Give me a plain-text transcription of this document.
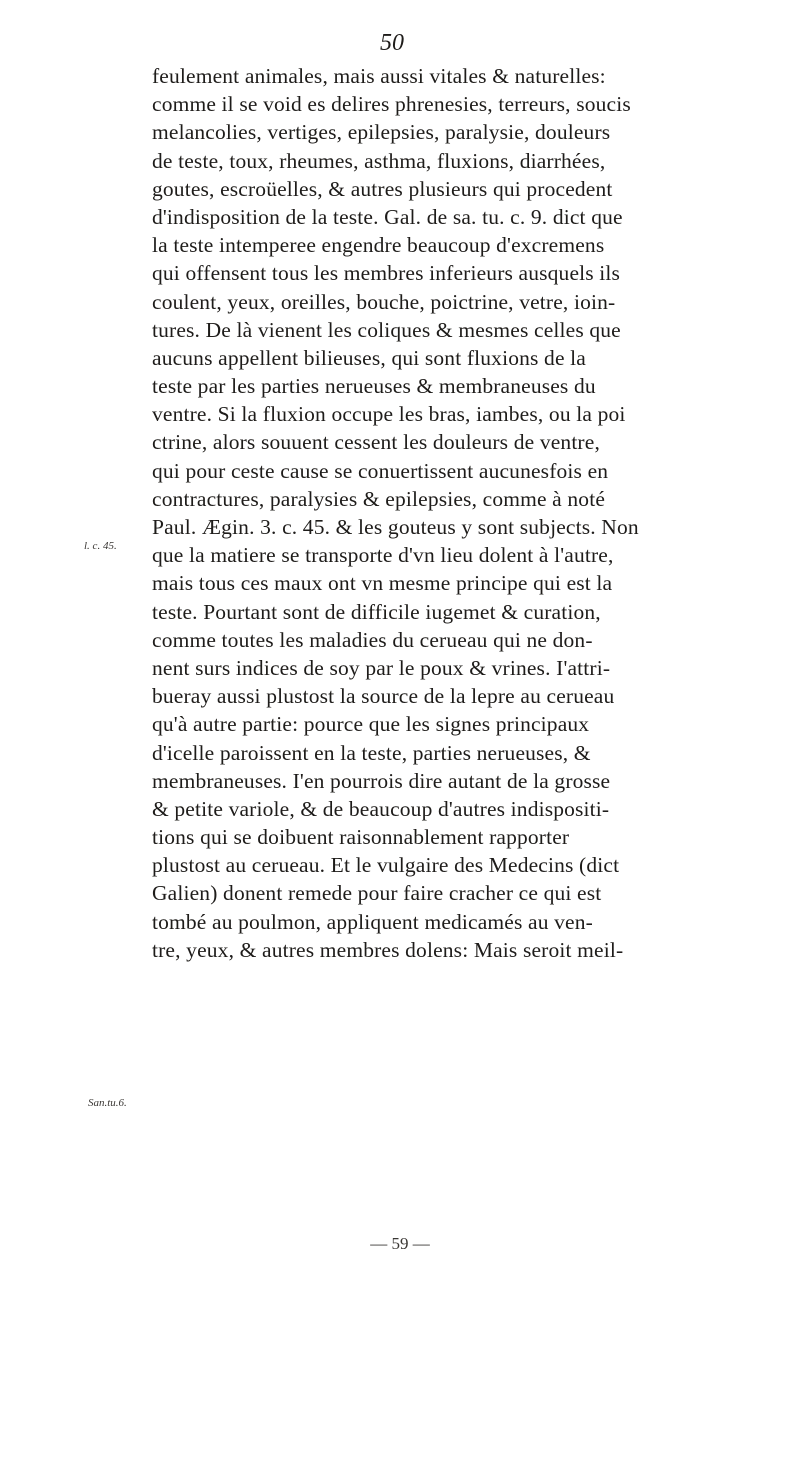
50
l. c. 45.
San.tu.6.
feulement animales, mais aussi vitales & naturelles:
comme il se void es delires phrenesies, terreurs, soucis
melancolies, vertiges, epilepsies, paralysie, douleurs
de teste, toux, rheumes, asthma, fluxions, diarrhées,
goutes, escroüelles, & autres plusieurs qui procedent
d'indisposition de la teste. Gal. de sa. tu. c. 9. dict que
la teste intemperee engendre beaucoup d'excremens
qui offensent tous les membres inferieurs ausquels ils
coulent, yeux, oreilles, bouche, poictrine, vetre, ioin-
tures. De là vienent les coliques & mesmes celles que
aucuns appellent bilieuses, qui sont fluxions de la
teste par les parties nerueuses & membraneuses du
ventre. Si la fluxion occupe les bras, iambes, ou la poi
ctrine, alors souuent cessent les douleurs de ventre,
qui pour ceste cause se conuertissent aucunesfois en
contractures, paralysies & epilepsies, comme à noté
Paul. Ægin. 3. c. 45. & les gouteus y sont subjects. Non
que la matiere se transporte d'vn lieu dolent à l'autre,
mais tous ces maux ont vn mesme principe qui est la
teste. Pourtant sont de difficile iugemet & curation,
comme toutes les maladies du cerueau qui ne don-
nent surs indices de soy par le poux & vrines. I'attri-
bueray aussi plustost la source de la lepre au cerueau
qu'à autre partie: pource que les signes principaux
d'icelle paroissent en la teste, parties nerueuses, &
membraneuses. I'en pourrois dire autant de la grosse
& petite variole, & de beaucoup d'autres indispositi-
tions qui se doibuent raisonnablement rapporter
plustost au cerueau. Et le vulgaire des Medecins (dict
Galien) donent remede pour faire cracher ce qui est
tombé au poulmon, appliquent medicamés au ven-
tre, yeux, & autres membres dolens: Mais seroit meil-
— 59 —
